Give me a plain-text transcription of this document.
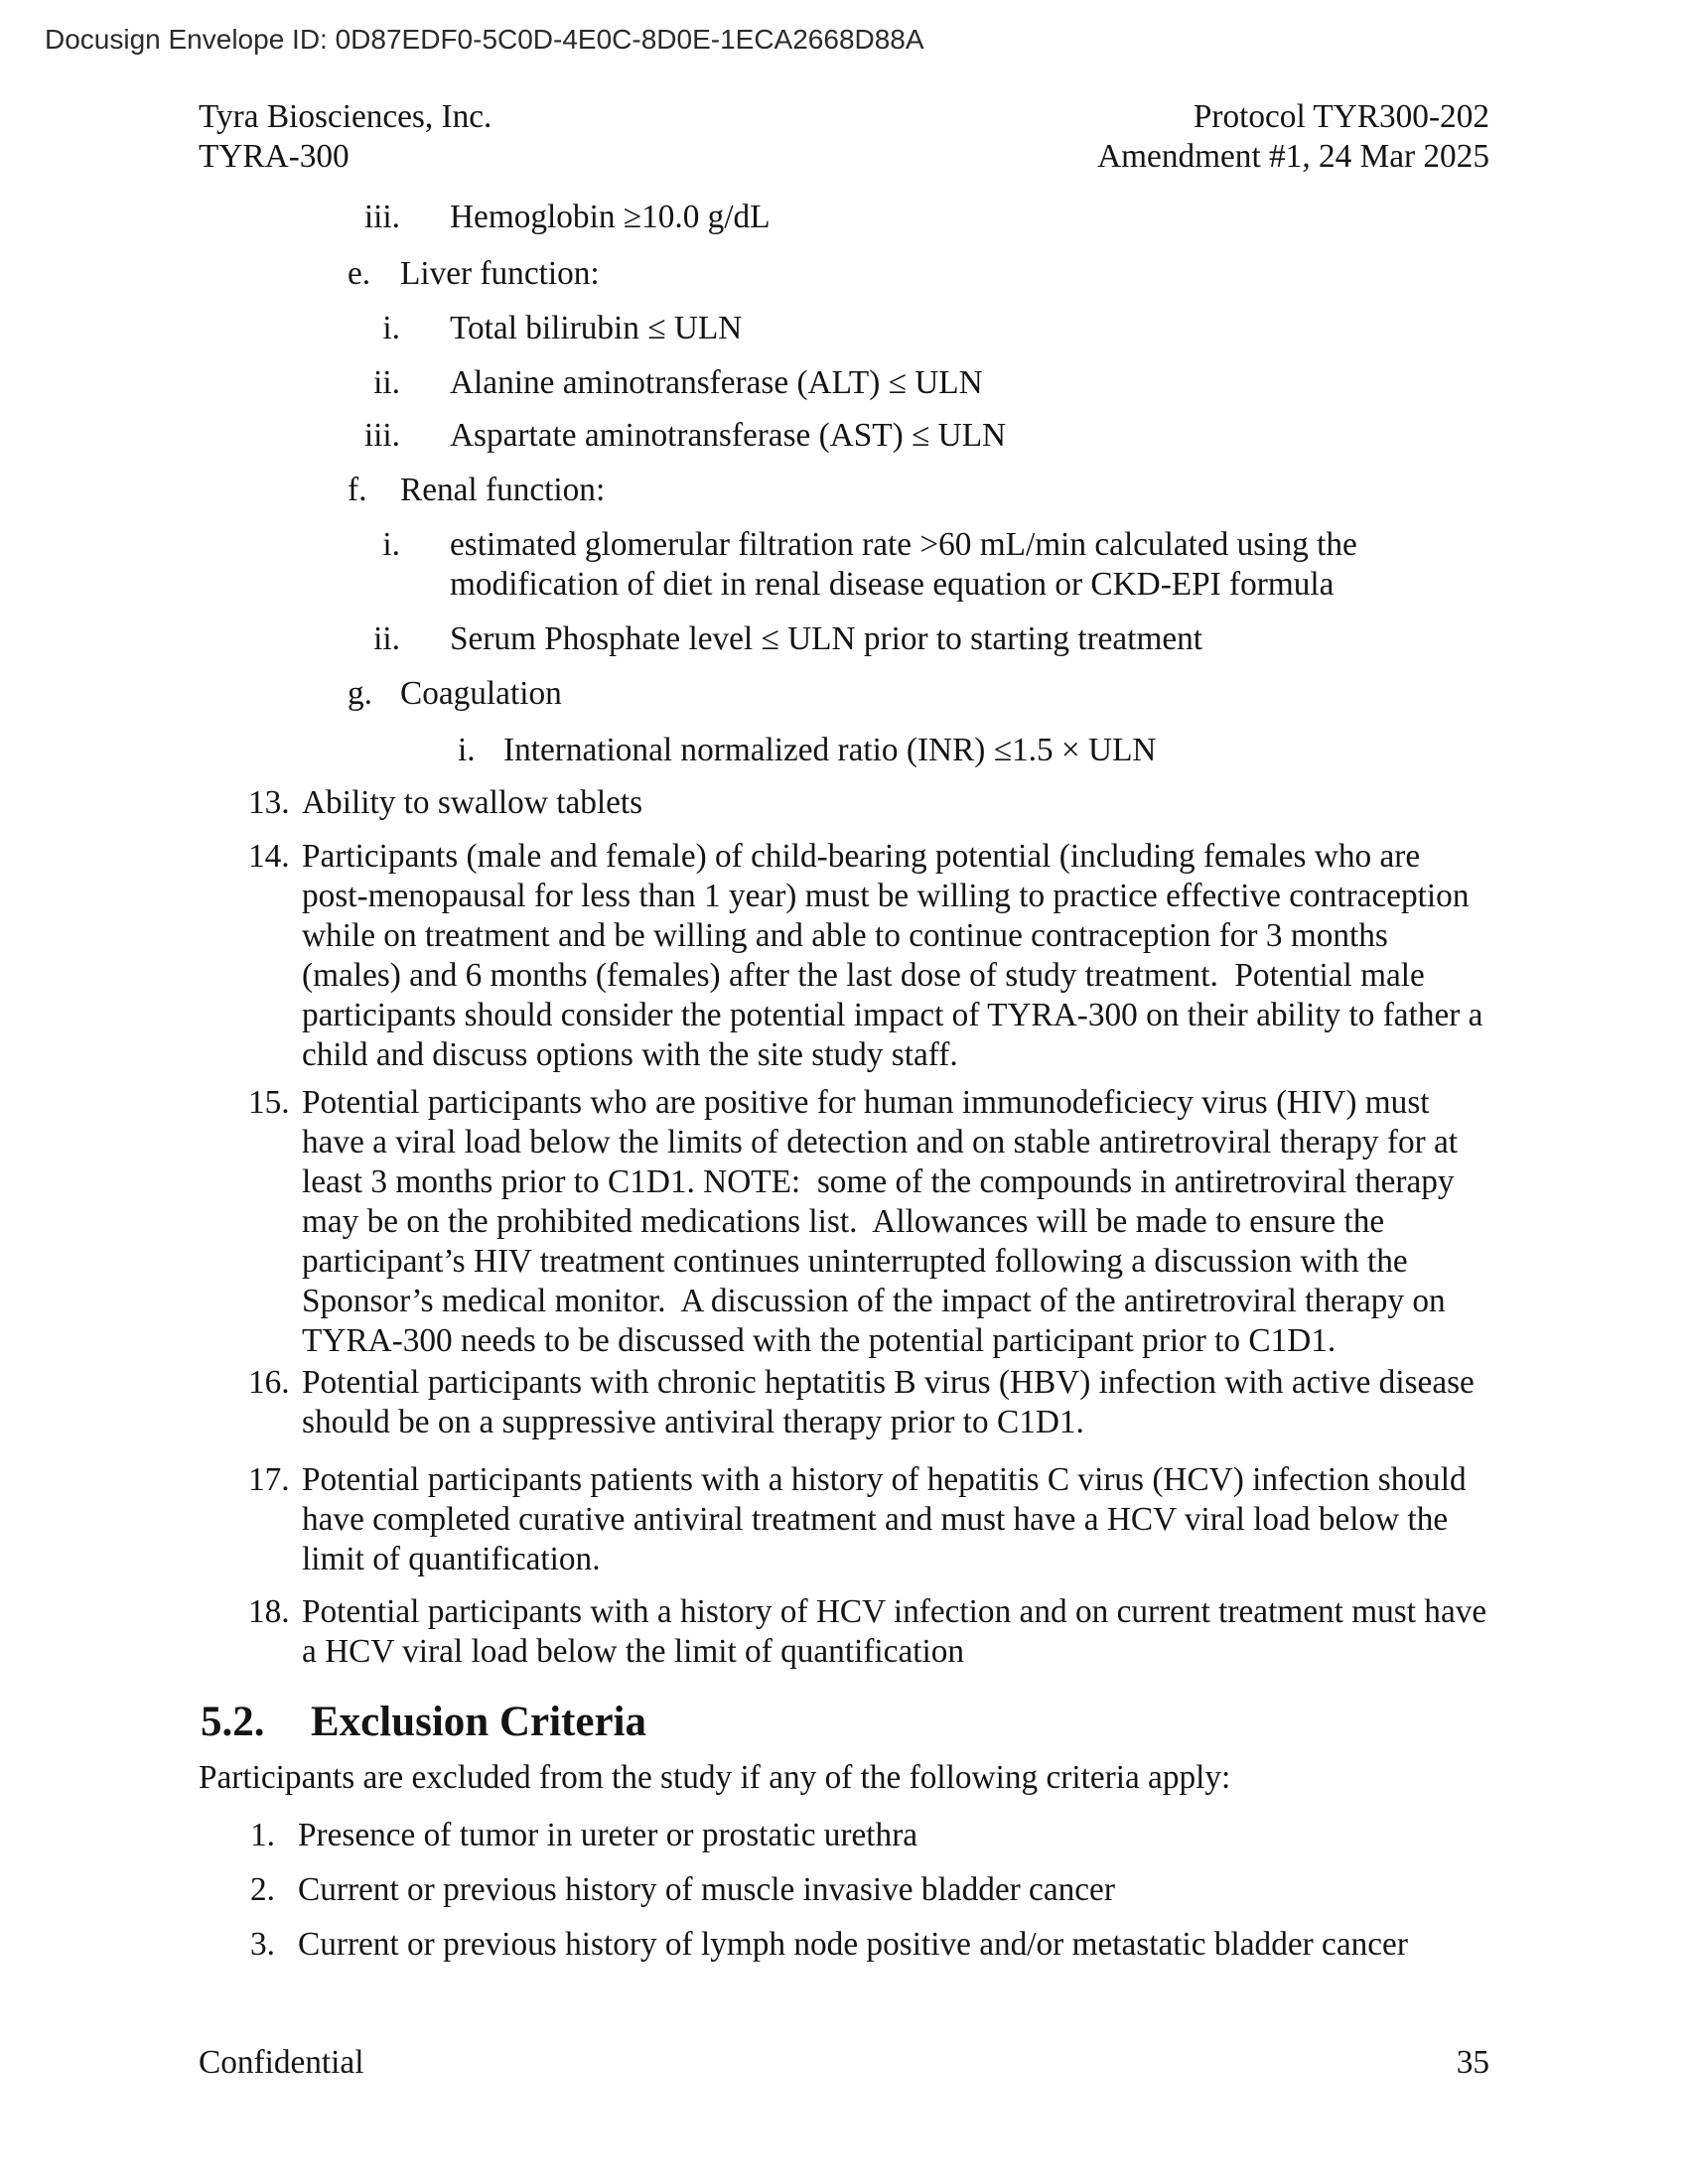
Docusign Envelope ID: 0D87EDF0-5C0D-4E0C-8D0E-1ECA2668D88A
Tyra Biosciences, Inc.
TYRA-300
Protocol TYR300-202
Amendment #1, 24 Mar 2025
iii. Hemoglobin ≥10.0 g/dL
e. Liver function:
i. Total bilirubin ≤ ULN
ii. Alanine aminotransferase (ALT) ≤ ULN
iii. Aspartate aminotransferase (AST) ≤ ULN
f. Renal function:
i. estimated glomerular filtration rate >60 mL/min calculated using the modification of diet in renal disease equation or CKD-EPI formula
ii. Serum Phosphate level ≤ ULN prior to starting treatment
g. Coagulation
i. International normalized ratio (INR) ≤1.5 × ULN
13. Ability to swallow tablets
14. Participants (male and female) of child-bearing potential (including females who are post-menopausal for less than 1 year) must be willing to practice effective contraception while on treatment and be willing and able to continue contraception for 3 months (males) and 6 months (females) after the last dose of study treatment.  Potential male participants should consider the potential impact of TYRA-300 on their ability to father a child and discuss options with the site study staff.
15. Potential participants who are positive for human immunodeficiecy virus (HIV) must have a viral load below the limits of detection and on stable antiretroviral therapy for at least 3 months prior to C1D1. NOTE:  some of the compounds in antiretroviral therapy may be on the prohibited medications list.  Allowances will be made to ensure the participant’s HIV treatment continues uninterrupted following a discussion with the Sponsor’s medical monitor.  A discussion of the impact of the antiretroviral therapy on TYRA-300 needs to be discussed with the potential participant prior to C1D1.
16. Potential participants with chronic heptatitis B virus (HBV) infection with active disease should be on a suppressive antiviral therapy prior to C1D1.
17. Potential participants patients with a history of hepatitis C virus (HCV) infection should have completed curative antiviral treatment and must have a HCV viral load below the limit of quantification.
18. Potential participants with a history of HCV infection and on current treatment must have a HCV viral load below the limit of quantification
5.2. Exclusion Criteria
Participants are excluded from the study if any of the following criteria apply:
1. Presence of tumor in ureter or prostatic urethra
2. Current or previous history of muscle invasive bladder cancer
3. Current or previous history of lymph node positive and/or metastatic bladder cancer
Confidential	35
